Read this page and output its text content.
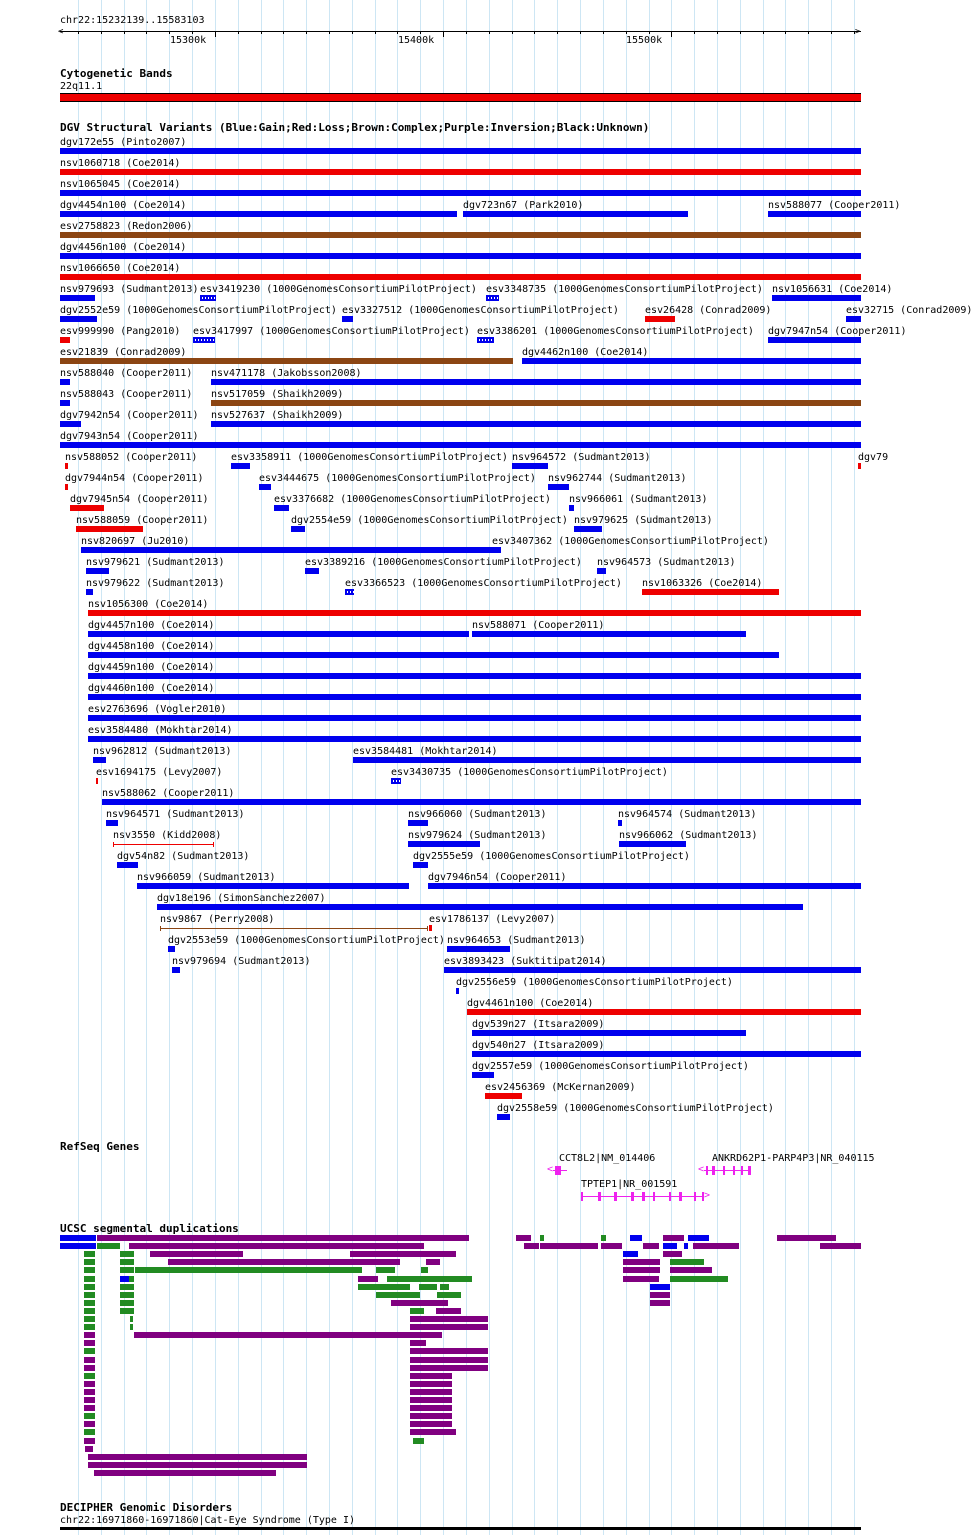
chr22:15232139..15583103
<	>
15300k	15400k	15500k
Cytogenetic Bands
22q11.1
DGV Structural Variants (Blue:Gain;Red:Loss;Brown:Complex;Purple:Inversion;Black:Unknown)
dgv172e55 (Pinto2007)
nsv1060718 (Coe2014)
nsv1065045 (Coe2014)
dgv4454n100 (Coe2014)	dgv723n67 (Park2010)	nsv588077 (Cooper2011)
esv2758823 (Redon2006)
dgv4456n100 (Coe2014)
nsv1066650 (Coe2014)
nsv979693 (Sudmant2013) esv3419230 (1000GenomesConsortiumPilotProject) esv3348735 (1000GenomesConsortiumPilotProject) nsv1056631 (Coe2014)
dgv2552e59 (1000GenomesConsortiumPilotProject) esv3327512 (1000GenomesConsortiumPilotProject)	esv26428 (Conrad2009)	esv32715 (Conrad2009)
esv999990 (Pang2010) esv3417997 (1000GenomesConsortiumPilotProject) esv3386201 (1000GenomesConsortiumPilotProject) dgv7947n54 (Cooper2011)
esv21839 (Conrad2009)	dgv4462n100 (Coe2014)
nsv588040 (Cooper2011) nsv471178 (Jakobsson2008)
nsv588043 (Cooper2011) nsv517059 (Shaikh2009)
dgv7942n54 (Cooper2011) nsv527637 (Shaikh2009)
dgv7943n54 (Cooper2011)
nsv588052 (Cooper2011)	esv3358911 (1000GenomesConsortiumPilotProject) nsv964572 (Sudmant2013)	dgv79
dgv7944n54 (Cooper2011)	esv3444675 (1000GenomesConsortiumPilotProject) nsv962744 (Sudmant2013)
dgv7945n54 (Cooper2011)	esv3376682 (1000GenomesConsortiumPilotProject) nsv966061 (Sudmant2013)
nsv588059 (Cooper2011)	dgv2554e59 (1000GenomesConsortiumPilotProject) nsv979625 (Sudmant2013)
nsv820697 (Ju2010)	esv3407362 (1000GenomesConsortiumPilotProject)
nsv979621 (Sudmant2013)	esv3389216 (1000GenomesConsortiumPilotProject) nsv964573 (Sudmant2013)
nsv979622 (Sudmant2013)	esv3366523 (1000GenomesConsortiumPilotProject) nsv1063326 (Coe2014)
nsv1056300 (Coe2014)
dgv4457n100 (Coe2014)	nsv588071 (Cooper2011)
dgv4458n100 (Coe2014)
dgv4459n100 (Coe2014)
dgv4460n100 (Coe2014)
esv2763696 (Vogler2010)
esv3584480 (Mokhtar2014)
nsv962812 (Sudmant2013)	esv3584481 (Mokhtar2014)
esv1694175 (Levy2007)	esv3430735 (1000GenomesConsortiumPilotProject)
nsv588062 (Cooper2011)
nsv964571 (Sudmant2013)	nsv966060 (Sudmant2013)	nsv964574 (Sudmant2013)
nsv3550 (Kidd2008)	nsv979624 (Sudmant2013)	nsv966062 (Sudmant2013)
dgv54n82 (Sudmant2013)	dgv2555e59 (1000GenomesConsortiumPilotProject)
nsv966059 (Sudmant2013)	dgv7946n54 (Cooper2011)
dgv18e196 (SimonSanchez2007)
nsv9867 (Perry2008)	esv1786137 (Levy2007)
dgv2553e59 (1000GenomesConsortiumPilotProject) nsv964653 (Sudmant2013)
nsv979694 (Sudmant2013)	esv3893423 (Suktitipat2014)
dgv2556e59 (1000GenomesConsortiumPilotProject)
dgv4461n100 (Coe2014)
dgv539n27 (Itsara2009)
dgv540n27 (Itsara2009)
dgv2557e59 (1000GenomesConsortiumPilotProject)
esv2456369 (McKernan2009)
dgv2558e59 (1000GenomesConsortiumPilotProject)
RefSeq Genes
CCT8L2|NM_014406
<
ANKRD62P1-PARP4P3|NR_040115
<
TPTEP1|NR_001591
>
UCSC segmental duplications
DECIPHER Genomic Disorders
chr22:16971860-16971860|Cat-Eye Syndrome (Type I)
